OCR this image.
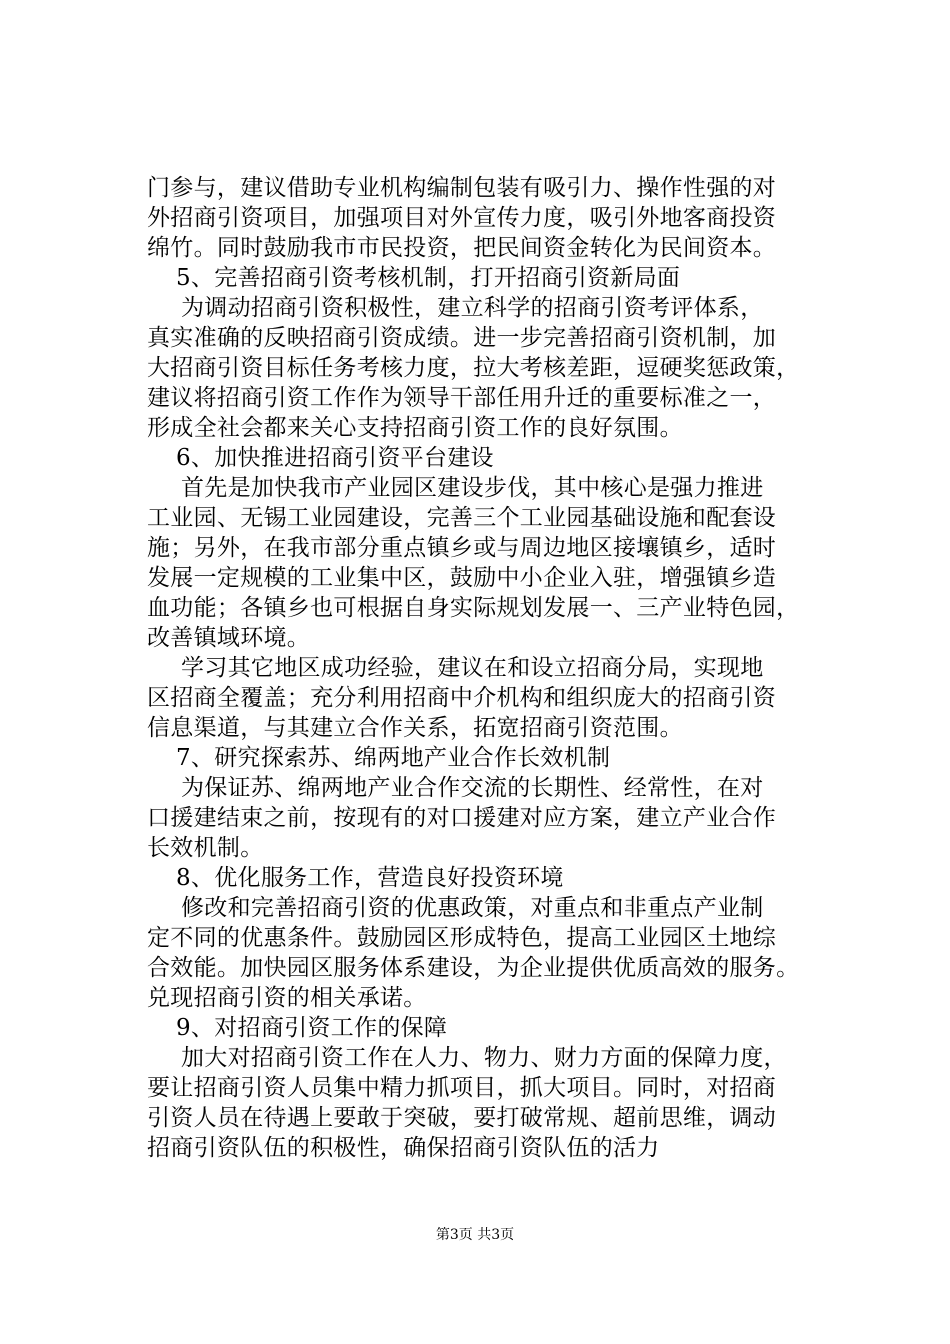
门参与，建议借助专业机构编制包装有吸引力、操作性强的对
外招商引资项目，加强项目对外宣传力度，吸引外地客商投资
绵竹。同时鼓励我市市民投资，把民间资金转化为民间资本。
5、完善招商引资考核机制，打开招商引资新局面
为调动招商引资积极性，建立科学的招商引资考评体系，
真实准确的反映招商引资成绩。进一步完善招商引资机制，加
大招商引资目标任务考核力度，拉大考核差距，逗硬奖惩政策，
建议将招商引资工作作为领导干部任用升迁的重要标准之一，
形成全社会都来关心支持招商引资工作的良好氛围。
6、加快推进招商引资平台建设
首先是加快我市产业园区建设步伐，其中核心是强力推进
工业园、无锡工业园建设，完善三个工业园基础设施和配套设
施；另外，在我市部分重点镇乡或与周边地区接壤镇乡，适时
发展一定规模的工业集中区，鼓励中小企业入驻，增强镇乡造
血功能；各镇乡也可根据自身实际规划发展一、三产业特色园，
改善镇域环境。
学习其它地区成功经验，建议在和设立招商分局，实现地
区招商全覆盖；充分利用招商中介机构和组织庞大的招商引资
信息渠道，与其建立合作关系，拓宽招商引资范围。
7、研究探索苏、绵两地产业合作长效机制
为保证苏、绵两地产业合作交流的长期性、经常性，在对
口援建结束之前，按现有的对口援建对应方案，建立产业合作
长效机制。
8、优化服务工作，营造良好投资环境
修改和完善招商引资的优惠政策，对重点和非重点产业制
定不同的优惠条件。鼓励园区形成特色，提高工业园区土地综
合效能。加快园区服务体系建设，为企业提供优质高效的服务。
兑现招商引资的相关承诺。
9、对招商引资工作的保障
加大对招商引资工作在人力、物力、财力方面的保障力度，
要让招商引资人员集中精力抓项目，抓大项目。同时，对招商
引资人员在待遇上要敢于突破，要打破常规、超前思维，调动
招商引资队伍的积极性，确保招商引资队伍的活力
第3页 共3页
